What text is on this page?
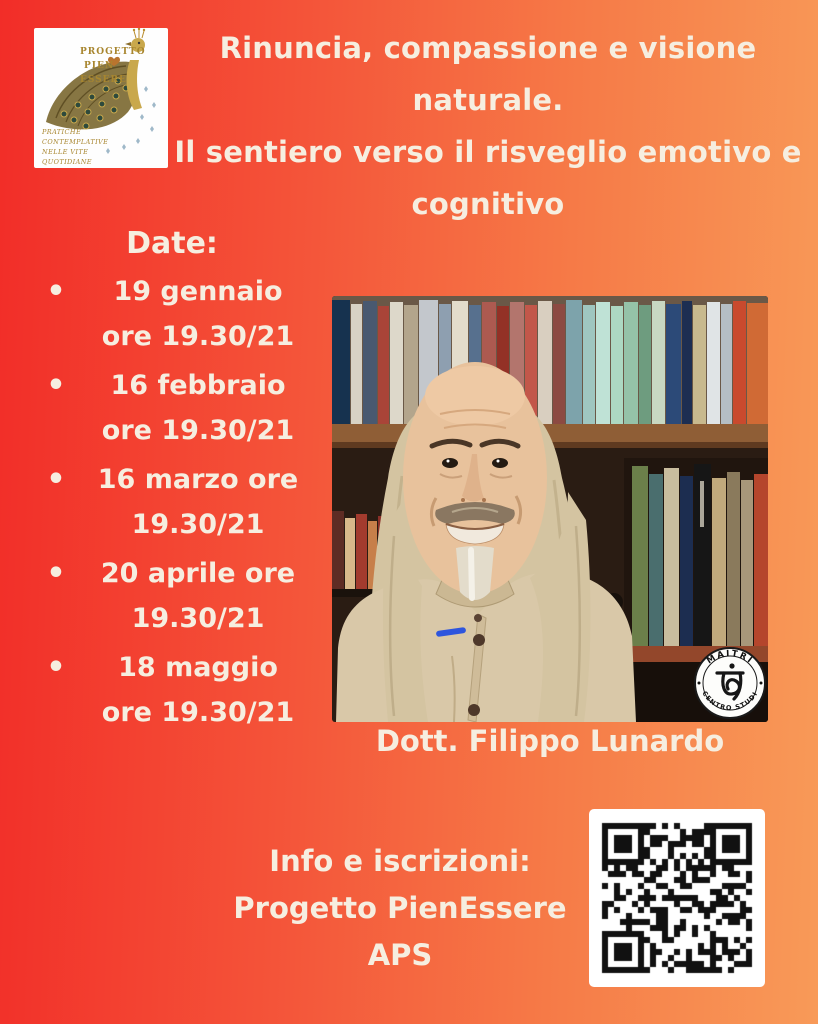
PROGETTO
PIEN
ESSERE
PRATICHE
CONTEMPLATIVE
NELLE VITE
QUOTIDIANE
Rinuncia, compassione e visione
naturale.
Il sentiero verso il risveglio emotivo e
cognitivo
Date:
•	19 gennaio
ore 19.30/21
•	16 febbraio
ore 19.30/21
•	16 marzo ore
19.30/21
•	20 aprile ore
19.30/21
•	18 maggio
ore 19.30/21
MAITRI
CENTRO STUDI
Dott. Filippo Lunardo
Info e iscrizioni:
Progetto PienEssere
APS
